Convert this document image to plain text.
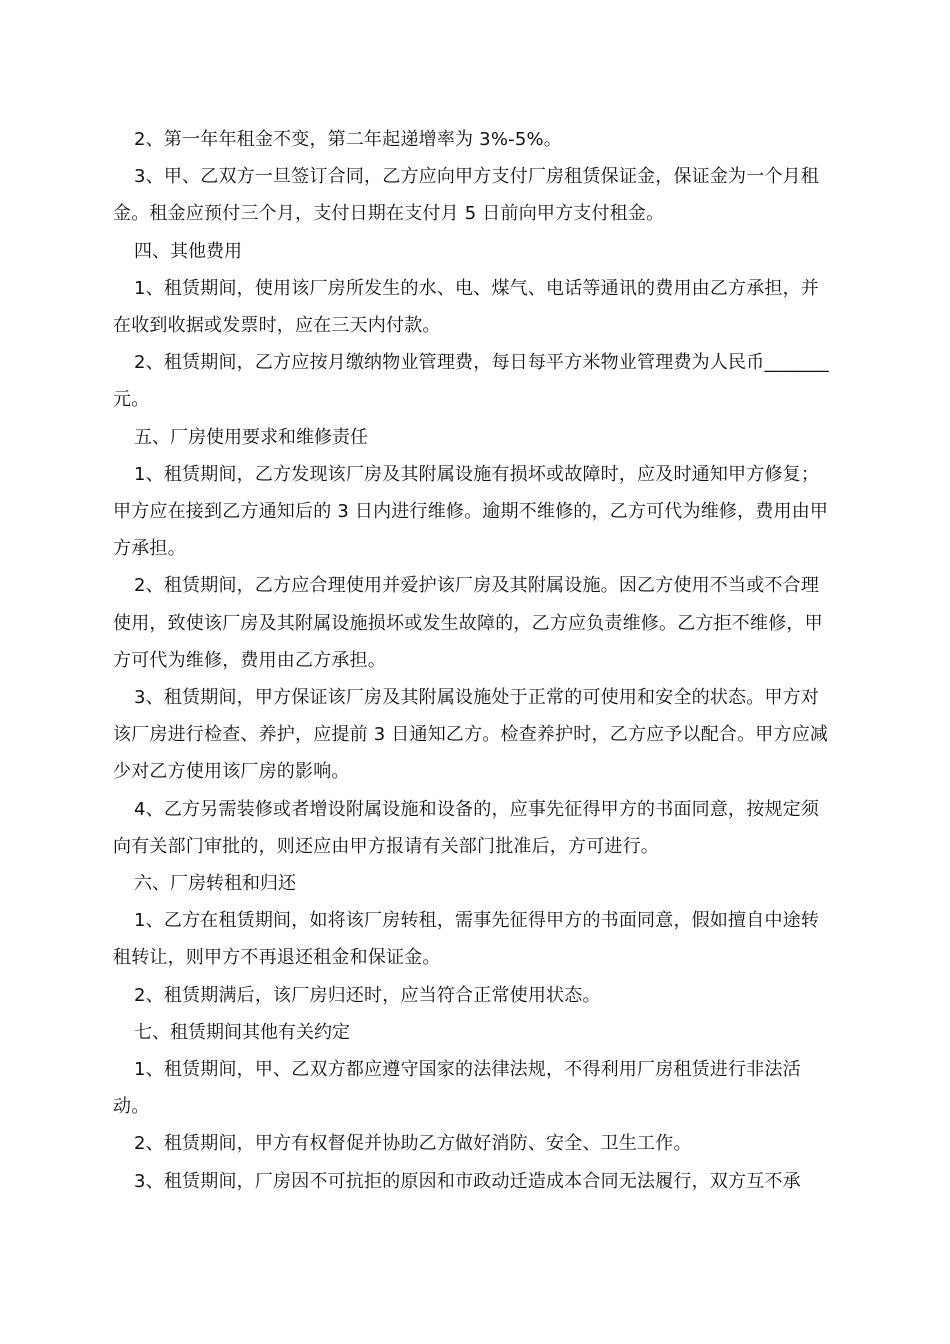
2、第一年年租金不变，第二年起递增率为 3%-5%。

3、甲、乙双方一旦签订合同，乙方应向甲方支付厂房租赁保证金，保证金为一个月租金。租金应预付三个月，支付日期在支付月 5 日前向甲方支付租金。

四、其他费用

1、租赁期间，使用该厂房所发生的水、电、煤气、电话等通讯的费用由乙方承担，并在收到收据或发票时，应在三天内付款。

2、租赁期间，乙方应按月缴纳物业管理费，每日每平方米物业管理费为人民币_______元。

五、厂房使用要求和维修责任

1、租赁期间，乙方发现该厂房及其附属设施有损坏或故障时，应及时通知甲方修复；甲方应在接到乙方通知后的 3 日内进行维修。逾期不维修的，乙方可代为维修，费用由甲方承担。

2、租赁期间，乙方应合理使用并爱护该厂房及其附属设施。因乙方使用不当或不合理使用，致使该厂房及其附属设施损坏或发生故障的，乙方应负责维修。乙方拒不维修，甲方可代为维修，费用由乙方承担。

3、租赁期间，甲方保证该厂房及其附属设施处于正常的可使用和安全的状态。甲方对该厂房进行检查、养护，应提前 3 日通知乙方。检查养护时，乙方应予以配合。甲方应减少对乙方使用该厂房的影响。

4、乙方另需装修或者增设附属设施和设备的，应事先征得甲方的书面同意，按规定须向有关部门审批的，则还应由甲方报请有关部门批准后，方可进行。

六、厂房转租和归还

1、乙方在租赁期间，如将该厂房转租，需事先征得甲方的书面同意，假如擅自中途转租转让，则甲方不再退还租金和保证金。

2、租赁期满后，该厂房归还时，应当符合正常使用状态。

七、租赁期间其他有关约定

1、租赁期间，甲、乙双方都应遵守国家的法律法规，不得利用厂房租赁进行非法活动。

2、租赁期间，甲方有权督促并协助乙方做好消防、安全、卫生工作。

3、租赁期间，厂房因不可抗拒的原因和市政动迁造成本合同无法履行，双方互不承
